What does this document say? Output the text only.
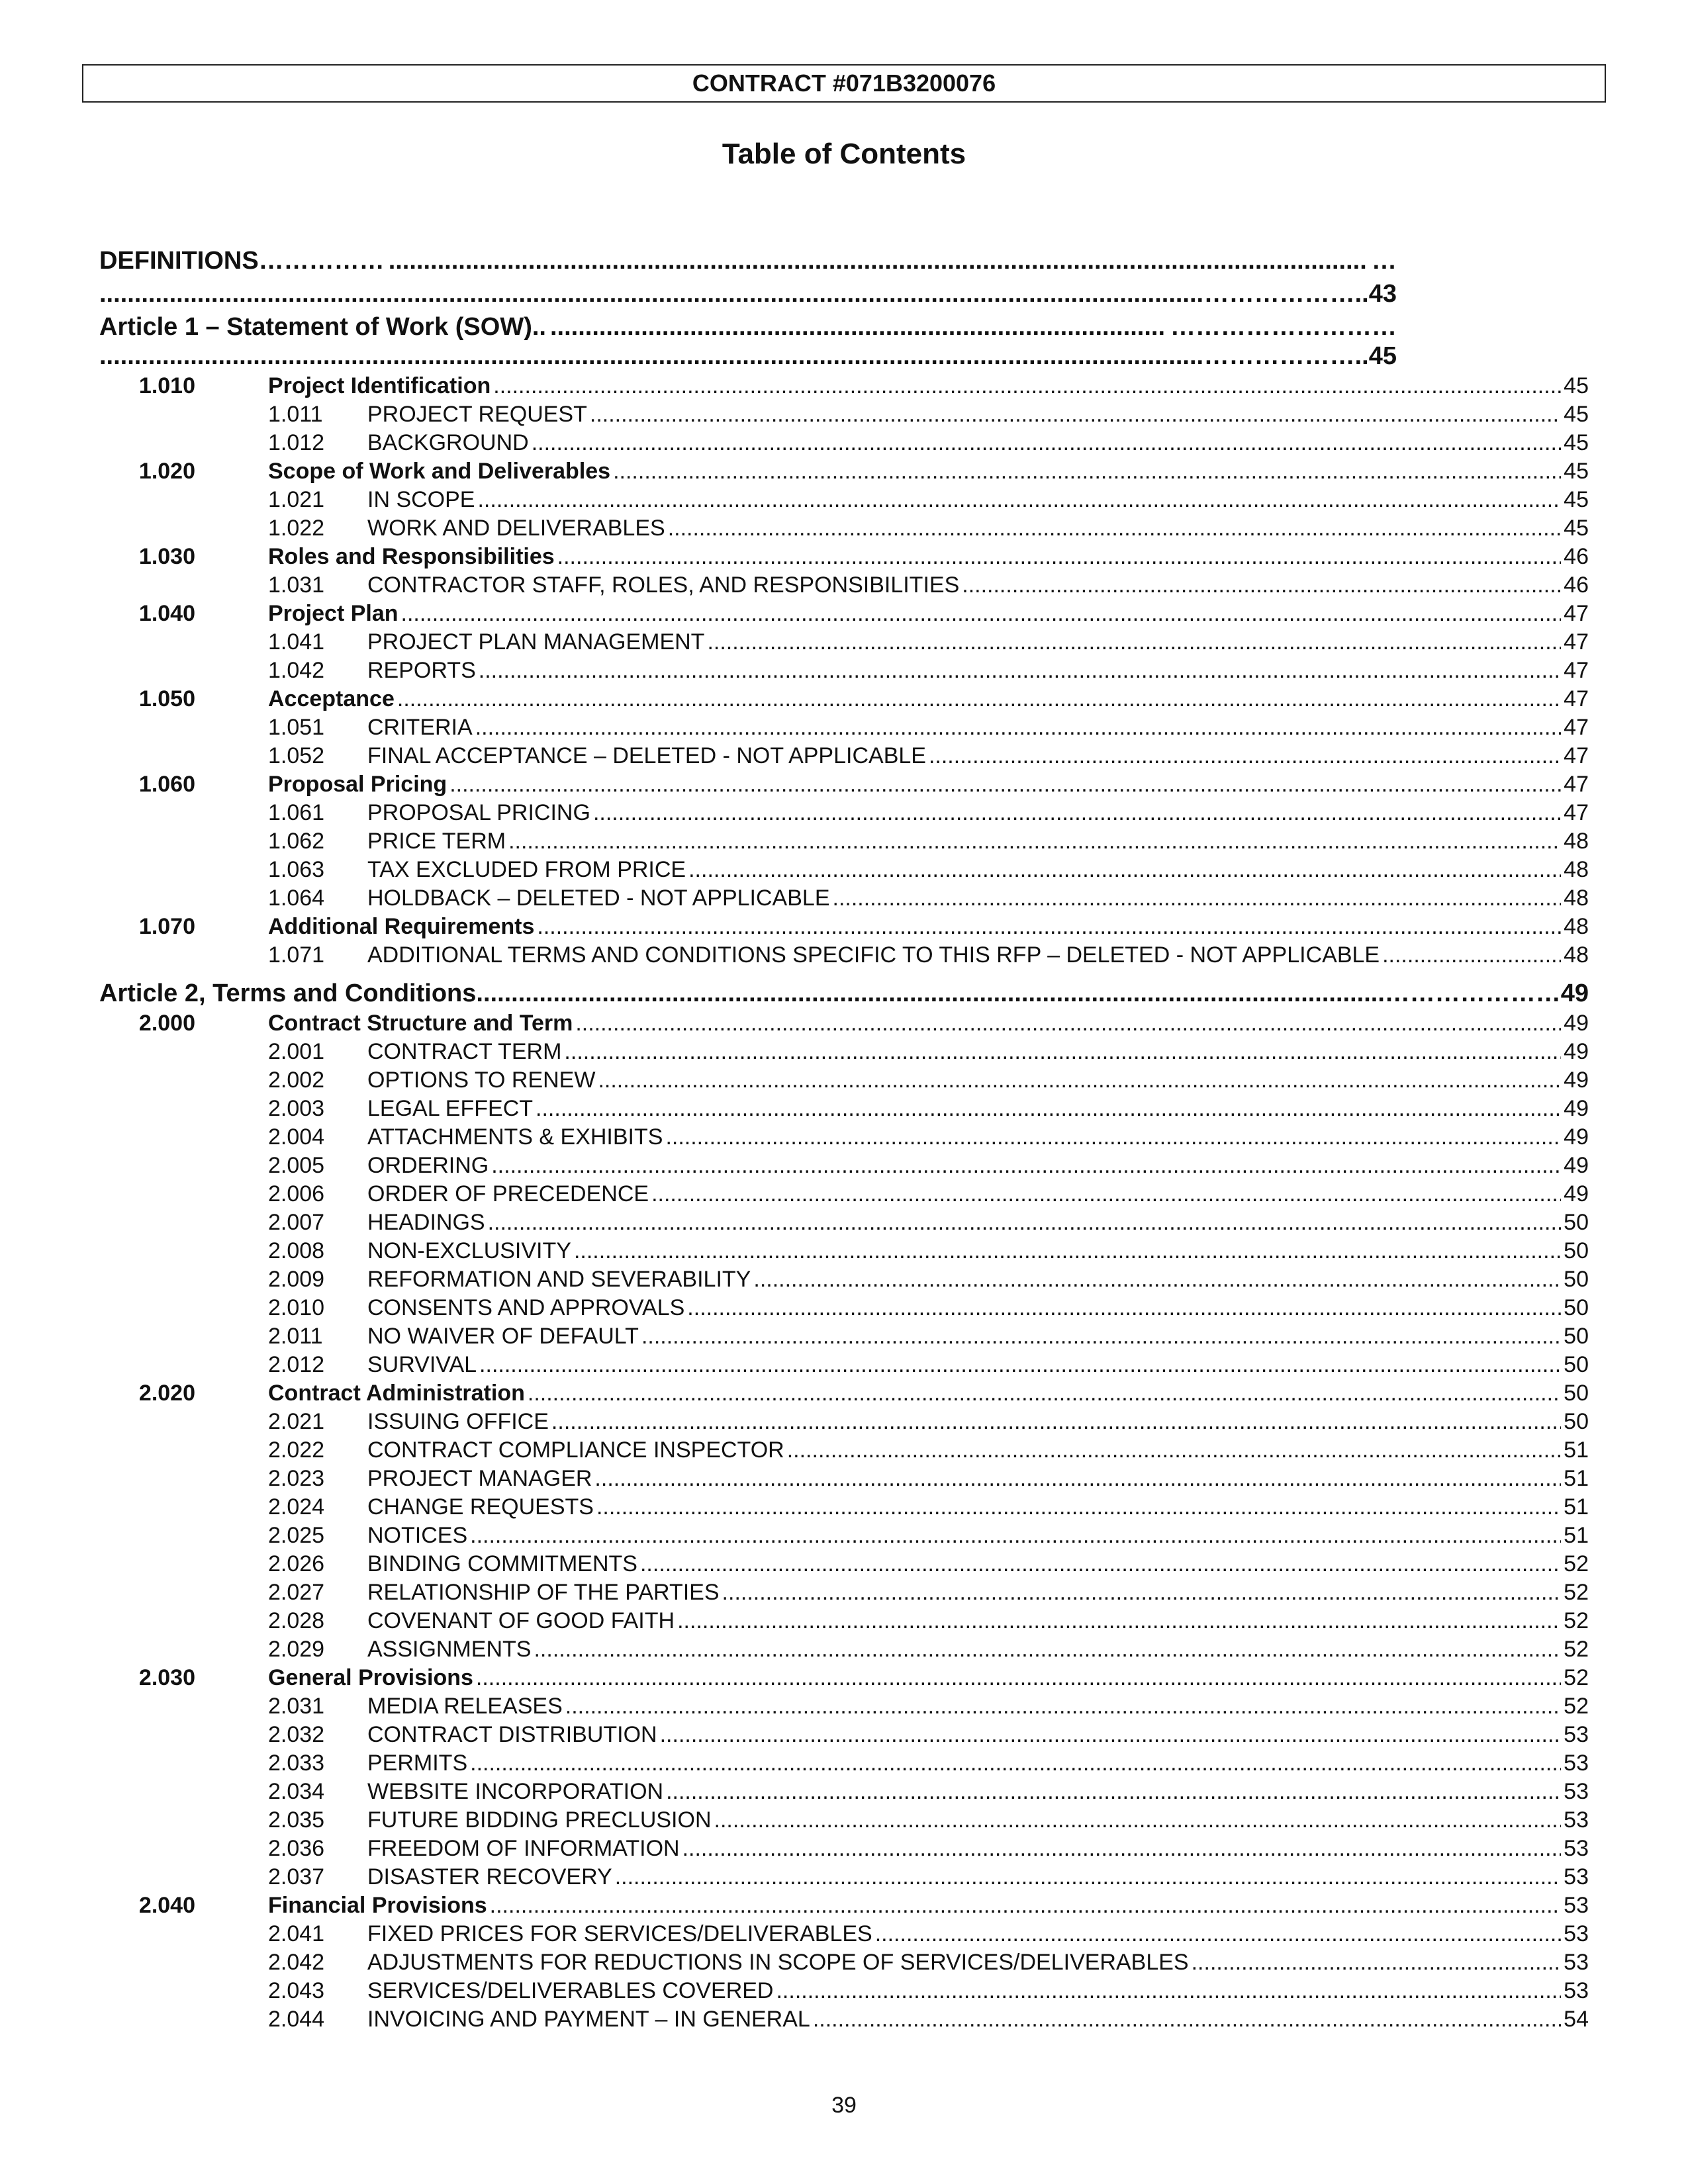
CONTRACT #071B3200076
Table of Contents
DEFINITIONS…………… .....	…
.....
………………..43
Article 1 – Statement of Work (SOW).. .....	………………………
.....
………………..45
1.010	Project Identification .....	45
1.011	PROJECT REQUEST .....	45
1.012	BACKGROUND .....	45
1.020	Scope of Work and Deliverables .....	45
1.021	IN SCOPE .....	45
1.022	WORK AND DELIVERABLES .....	45
1.030	Roles and Responsibilities .....	46
1.031	CONTRACTOR STAFF, ROLES, AND RESPONSIBILITIES .....	46
1.040	Project Plan .....	47
1.041	PROJECT PLAN MANAGEMENT .....	47
1.042	REPORTS .....	47
1.050	Acceptance .....	47
1.051	CRITERIA .....	47
1.052	FINAL ACCEPTANCE – DELETED - NOT APPLICABLE .....	47
1.060	Proposal Pricing .....	47
1.061	PROPOSAL PRICING .....	47
1.062	PRICE TERM .....	48
1.063	TAX EXCLUDED FROM PRICE .....	48
1.064	HOLDBACK – DELETED - NOT APPLICABLE .....	48
1.070	Additional Requirements .....	48
1.071	ADDITIONAL TERMS AND CONDITIONS SPECIFIC TO THIS RFP – DELETED - NOT APPLICABLE .....	48
Article 2, Terms and Conditions .....	…………………49
2.000	Contract Structure and Term .....	49
2.001	CONTRACT TERM .....	49
2.002	OPTIONS TO RENEW .....	49
2.003	LEGAL EFFECT .....	49
2.004	ATTACHMENTS & EXHIBITS .....	49
2.005	ORDERING .....	49
2.006	ORDER OF PRECEDENCE .....	49
2.007	HEADINGS .....	50
2.008	NON-EXCLUSIVITY .....	50
2.009	REFORMATION AND SEVERABILITY .....	50
2.010	CONSENTS AND APPROVALS .....	50
2.011	NO WAIVER OF DEFAULT .....	50
2.012	SURVIVAL .....	50
2.020	Contract Administration .....	50
2.021	ISSUING OFFICE .....	50
2.022	CONTRACT COMPLIANCE INSPECTOR .....	51
2.023	PROJECT MANAGER .....	51
2.024	CHANGE REQUESTS .....	51
2.025	NOTICES .....	51
2.026	BINDING COMMITMENTS .....	52
2.027	RELATIONSHIP OF THE PARTIES .....	52
2.028	COVENANT OF GOOD FAITH .....	52
2.029	ASSIGNMENTS .....	52
2.030	General Provisions .....	52
2.031	MEDIA RELEASES .....	52
2.032	CONTRACT DISTRIBUTION .....	53
2.033	PERMITS .....	53
2.034	WEBSITE INCORPORATION .....	53
2.035	FUTURE BIDDING PRECLUSION .....	53
2.036	FREEDOM OF INFORMATION .....	53
2.037	DISASTER RECOVERY .....	53
2.040	Financial Provisions .....	53
2.041	FIXED PRICES FOR SERVICES/DELIVERABLES .....	53
2.042	ADJUSTMENTS FOR REDUCTIONS IN SCOPE OF SERVICES/DELIVERABLES .....	53
2.043	SERVICES/DELIVERABLES COVERED .....	53
2.044	INVOICING AND PAYMENT – IN GENERAL .....	54
39
